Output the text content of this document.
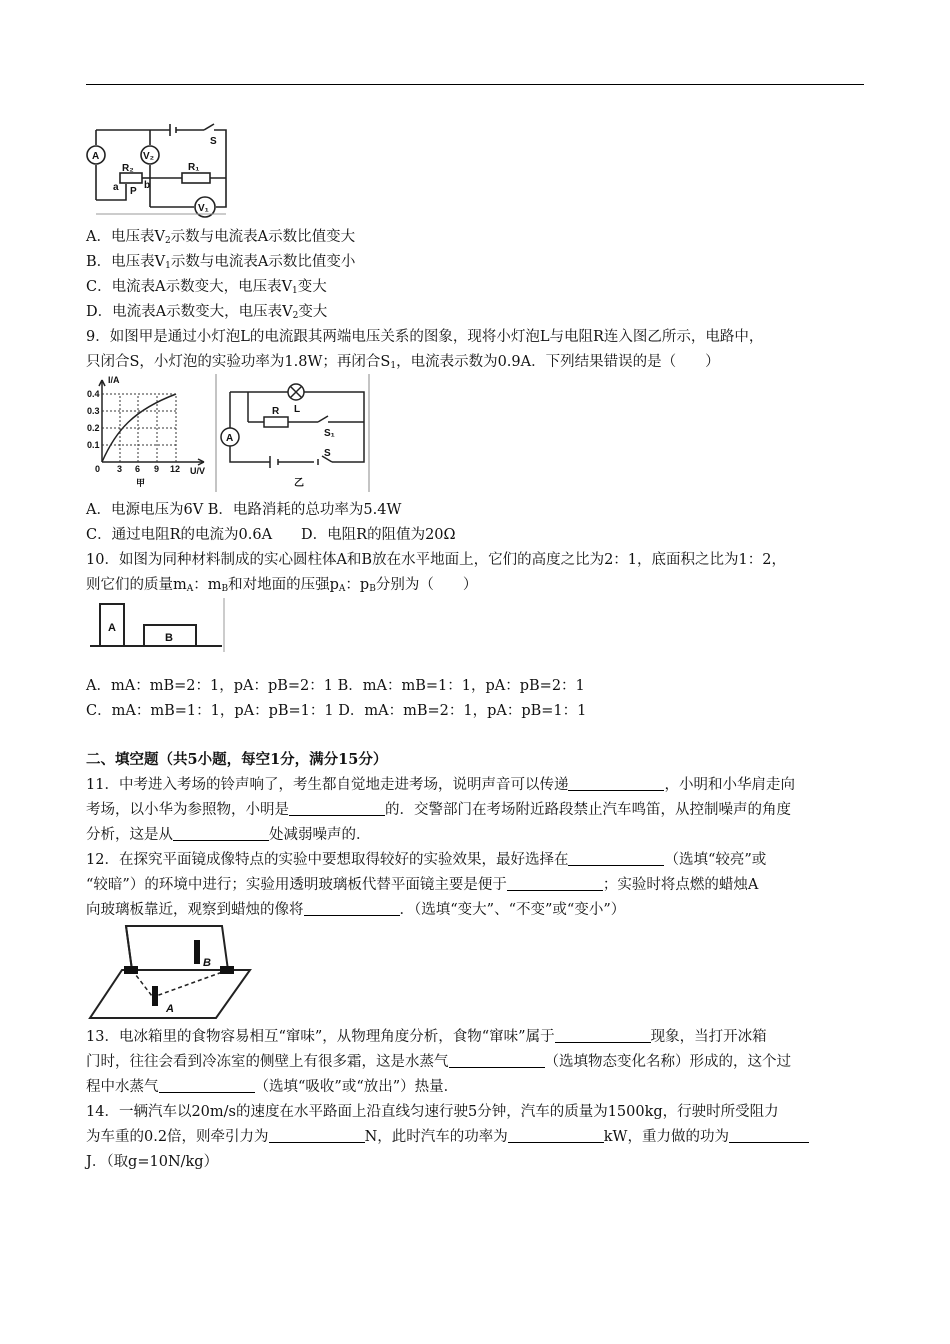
A	V₂
R₂
a P
b
R₁
V₁
S
A．电压表$V_2$示数与电流表A示数比值变大
B．电压表$V_1$示数与电流表A示数比值变小
C．电流表A示数变大，电压表$V_1$变大
D．电流表A示数变大，电压表$V_2$变大
9．如图甲是通过小灯泡L的电流跟其两端电压关系的图象，现将小灯泡L与电阻R连入图乙所示，电路中，
只闭合S，小灯泡的实验功率为1.8W；再闭合$S_1$，电流表示数为0.9A．下列结果错误的是（　　）
I/A
0.4
0.3
0.2
0.1
0 3 6 9 12 U/V
甲
L
R
S₁
S
A
乙
A．电源电压为6V B．电路消耗的总功率为5.4W
C．通过电阻R的电流为0.6A　　D．电阻R的阻值为20Ω
10．如图为同种材料制成的实心圆柱体A和B放在水平地面上，它们的高度之比为2：1，底面积之比为1：2，
则它们的质量$m_A$：$m_B$和对地面的压强$p_A$：$p_B$分别为（　　）
A
B
A．mA：mB=2：1，pA：pB=2：1 B．mA：mB=1：1，pA：pB=2：1
C．mA：mB=1：1，pA：pB=1：1 D．mA：mB=2：1，pA：pB=1：1
二、填空题（共5小题，每空1分，满分15分）
11．中考进入考场的铃声响了，考生都自觉地走进考场，说明声音可以传递	，小明和小华肩走向
考场，以小华为参照物，小明是	的．交警部门在考场附近路段禁止汽车鸣笛，从控制噪声的角度
分析，这是从	处减弱噪声的．
12．在探究平面镜成像特点的实验中要想取得较好的实验效果，最好选择在	（选填“较亮”或
“较暗”）的环境中进行；实验用透明玻璃板代替平面镜主要是便于	；实验时将点燃的蜡烛A
向玻璃板靠近，观察到蜡烛的像将	．（选填“变大”、“不变”或“变小”）
B
A
13．电冰箱里的食物容易相互“窜味”，从物理角度分析，食物“窜味”属于	现象，当打开冰箱
门时，往往会看到冷冻室的侧壁上有很多霜，这是水蒸气	（选填物态变化名称）形成的，这个过
程中水蒸气	（选填“吸收”或“放出”）热量．
14．一辆汽车以20m/s的速度在水平路面上沿直线匀速行驶5分钟，汽车的质量为1500kg，行驶时所受阻力
为车重的0.2倍，则牵引力为	N，此时汽车的功率为	kW，重力做的功为
J．（取g=10N/kg）
